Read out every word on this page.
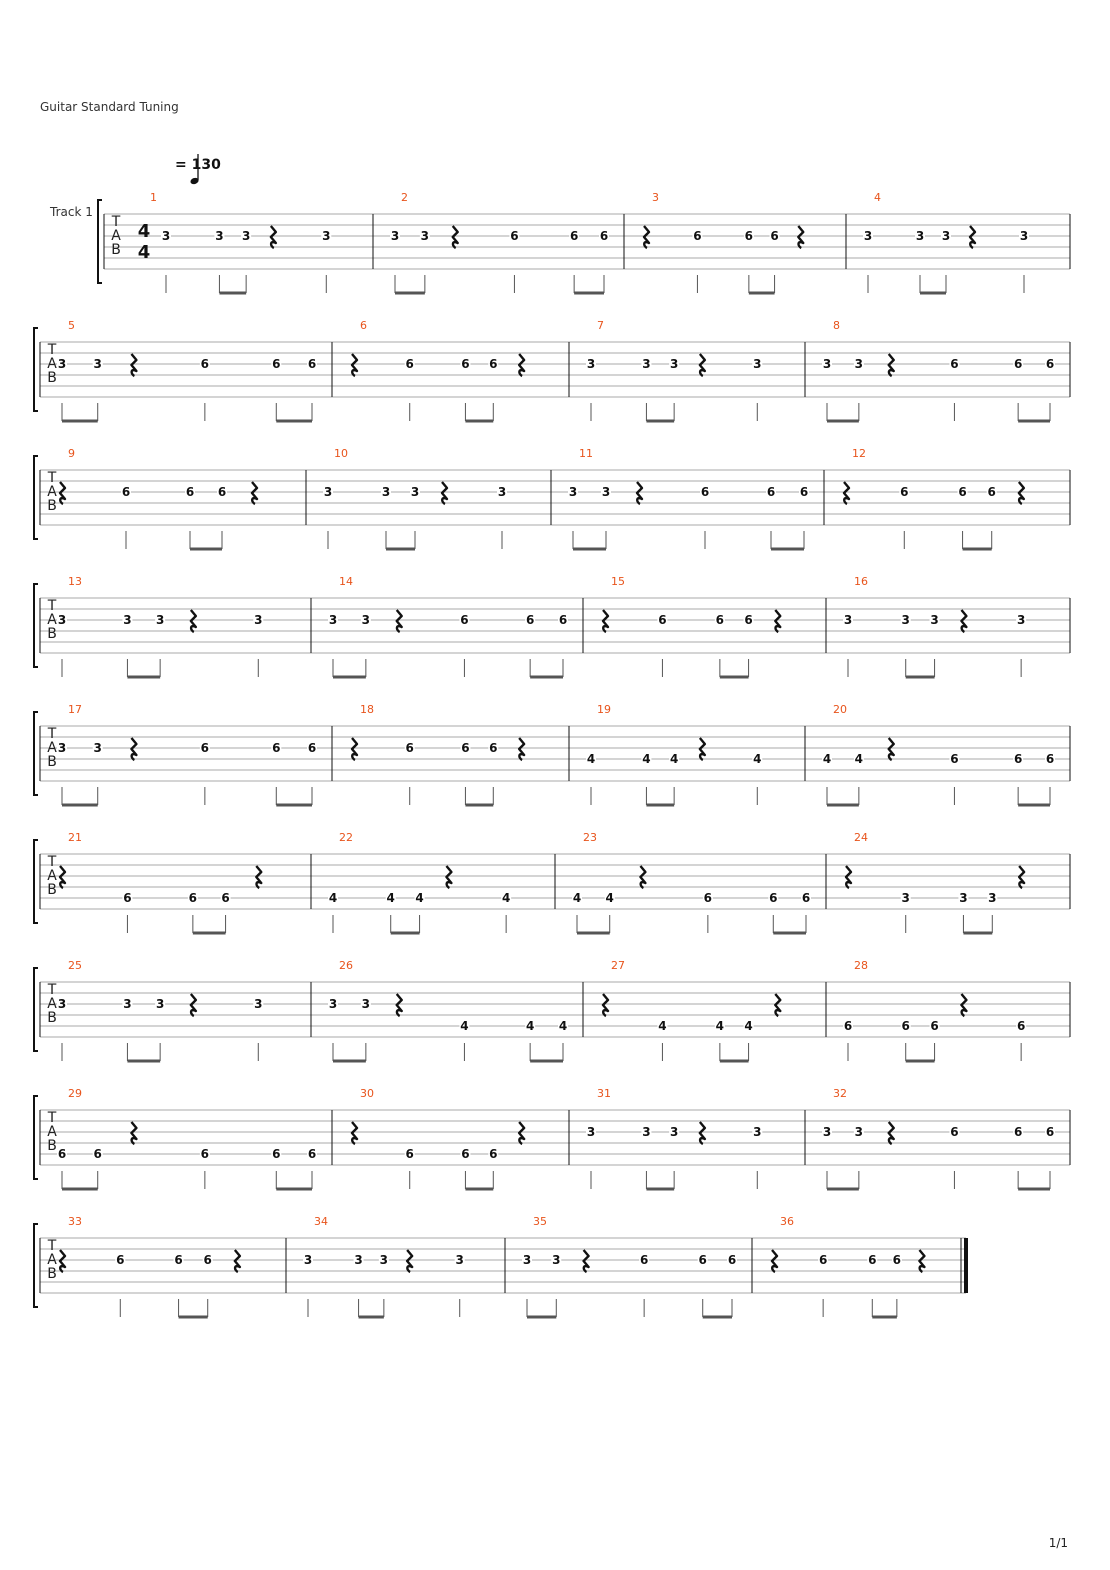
Guitar Standard Tuning
Track 1
= 130
T
A
B
4
4
1
3	3 3	3
2
3 3	6	6 6
3
6	6 6
4
3	3 3	3
T
A
B
5
3 3	6	6 6
6
6	6 6
7
3	3 3	3
8
3 3	6	6 6
T
A
B
9
6	6 6
10
3	3 3	3
11
3 3	6	6 6
12
6	6 6
T
A
B
13
3	3 3	3
14
3 3	6	6 6
15
6	6 6
16
3	3 3	3
T
A
B
17
3 3	6	6 6
18
6	6 6
19
4	4 4	4
20
4 4	6	6 6
T
A
B
21
6	6 6
22
4	4 4	4
23
4 4	6	6 6
24
3	3 3
T
A
B
25
3	3 3	3
26
3 3
4	4 4
27
4	4 4
28
6	6 6	6
T
A
B
29
6 6	6	6 6
30
6	6 6
31
3	3 3	3
32
3 3	6	6 6
T
A
B
33
6	6 6
34
3	3 3	3
35
3 3	6	6 6
36
6	6 6
1/1
